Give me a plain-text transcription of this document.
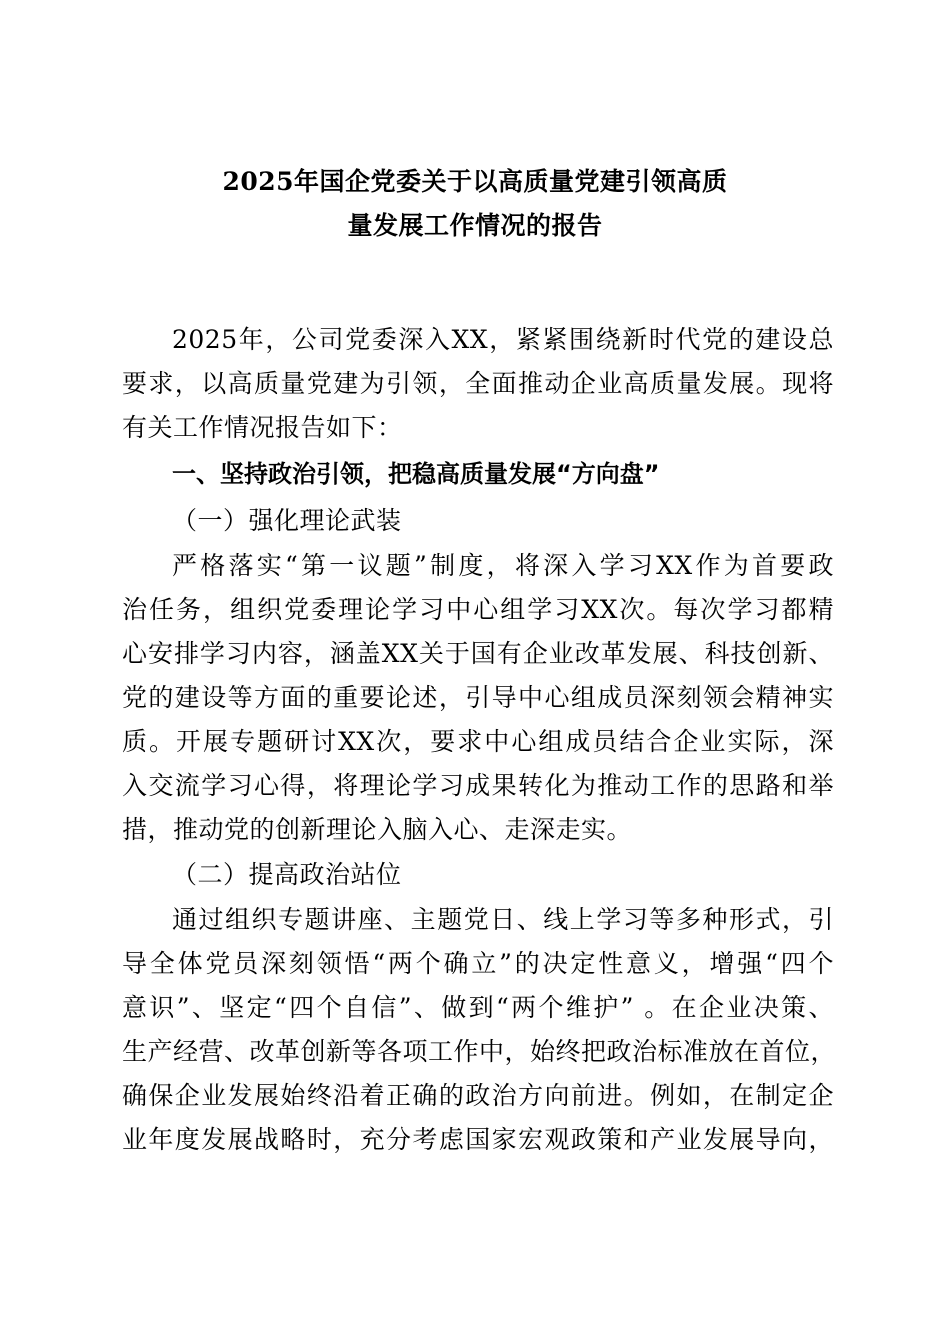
2025年国企党委关于以高质量党建引领高质
量发展工作情况的报告
2025年，公司党委深入XX，紧紧围绕新时代党的建设总
要求，以高质量党建为引领，全面推动企业高质量发展。现将
有关工作情况报告如下：
一、坚持政治引领，把稳高质量发展“方向盘”
（一）强化理论武装
严格落实“第一议题”制度，将深入学习XX作为首要政
治任务，组织党委理论学习中心组学习XX次。每次学习都精
心安排学习内容，涵盖XX关于国有企业改革发展、科技创新、
党的建设等方面的重要论述，引导中心组成员深刻领会精神实
质。开展专题研讨XX次，要求中心组成员结合企业实际，深
入交流学习心得，将理论学习成果转化为推动工作的思路和举
措，推动党的创新理论入脑入心、走深走实。
（二）提高政治站位
通过组织专题讲座、主题党日、线上学习等多种形式，引
导全体党员深刻领悟“两个确立”的决定性意义，增强“四个
意识”、坚定“四个自信”、做到“两个维护” 。在企业决策、
生产经营、改革创新等各项工作中，始终把政治标准放在首位，
确保企业发展始终沿着正确的政治方向前进。例如，在制定企
业年度发展战略时，充分考虑国家宏观政策和产业发展导向，
